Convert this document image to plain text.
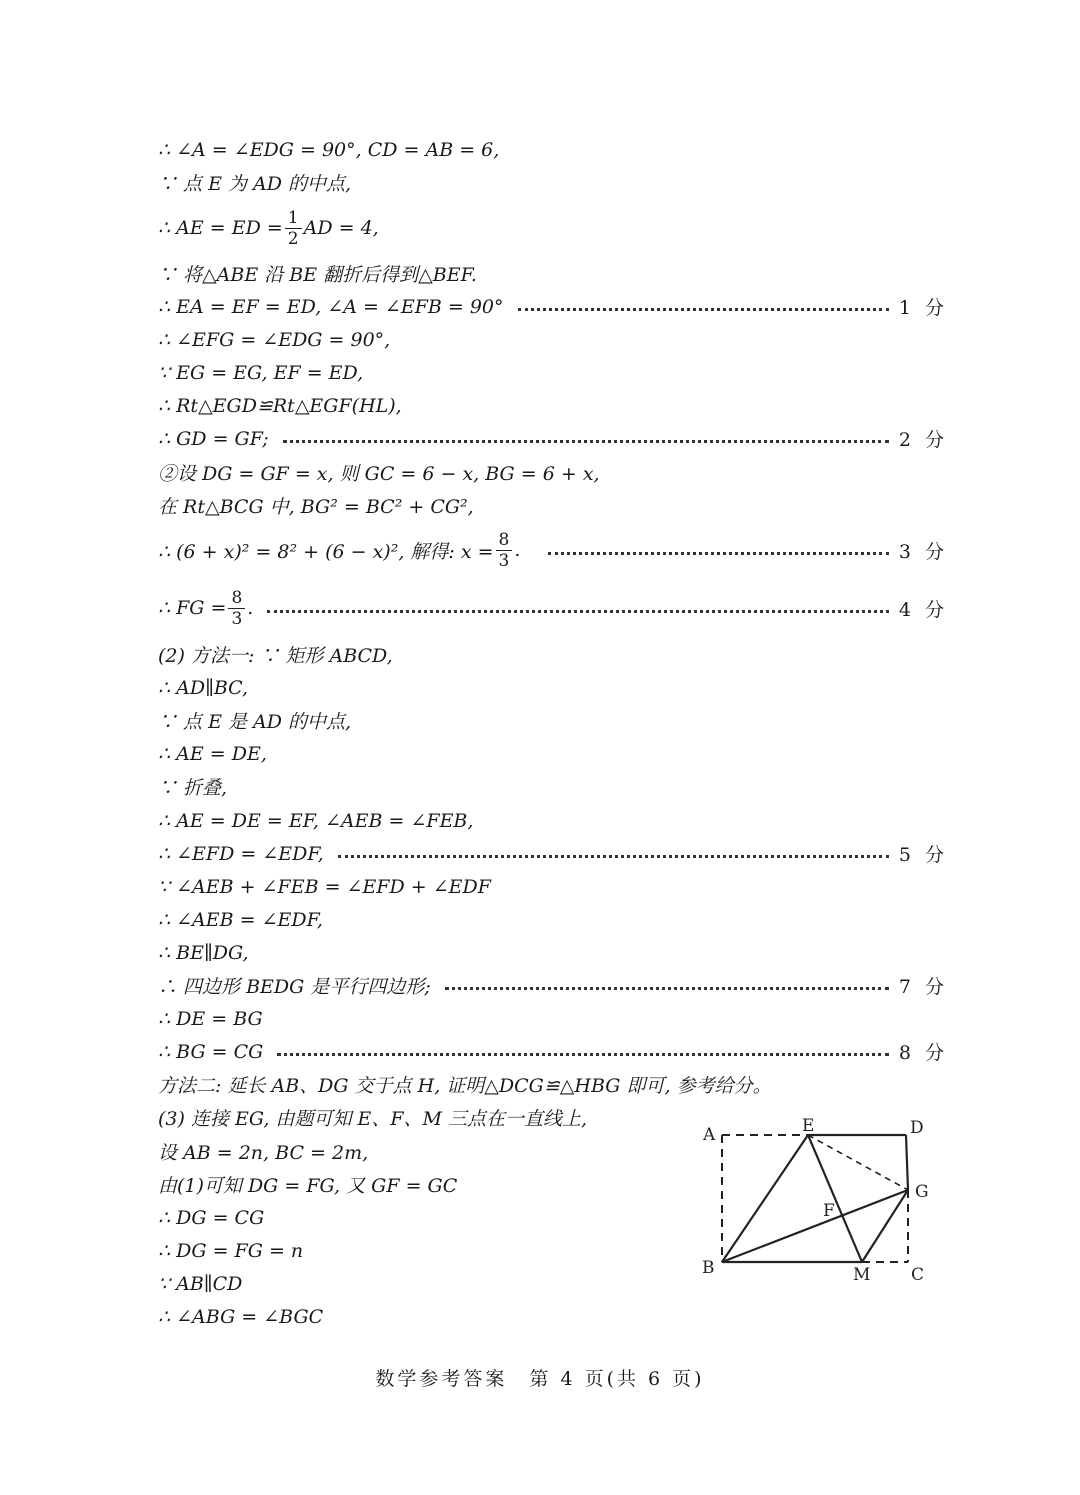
∴ ∠A = ∠EDG = 90°, CD = AB = 6,
∵ 点 E 为 AD 的中点,
∴ AE = ED = $\frac{1}{2}$ AD = 4,
∵ 将△ABE 沿 BE 翻折后得到△BEF.
∴ EA = EF = ED, ∠A = ∠EFB = 90°	1 分
∴ ∠EFG = ∠EDG = 90°,
∵ EG = EG, EF = ED,
∴ Rt△EGD≌Rt△EGF(HL),
∴ GD = GF;	2 分
②设 DG = GF = x, 则 GC = 6 − x, BG = 6 + x,
在 Rt△BCG 中, BG² = BC² + CG²,
∴ (6 + x)² = 8² + (6 − x)², 解得: $x = \frac{8}{3}$ .	3 分
∴ FG = $\frac{8}{3}$ .	4 分
(2) 方法一: ∵ 矩形 ABCD,
∴ AD∥BC,
∵ 点 E 是 AD 的中点,
∴ AE = DE,
∵ 折叠,
∴ AE = DE = EF, ∠AEB = ∠FEB,
∴ ∠EFD = ∠EDF,	5 分
∵ ∠AEB + ∠FEB = ∠EFD + ∠EDF
∴ ∠AEB = ∠EDF,
∴ BE∥DG,
∴ 四边形 BEDG 是平行四边形;	7 分
∴ DE = BG
∴ BG = CG	8 分
方法二: 延长 AB、DG 交于点 H, 证明△DCG≌△HBG 即可, 参考给分。
(3) 连接 EG, 由题可知 E、F、M 三点在一直线上,
设 AB = 2n, BC = 2m,
由(1)可知 DG = FG, 又 GF = GC
∴ DG = CG
∴ DG = FG = n
∵ AB∥CD
∴ ∠ABG = ∠BGC
A	E	D
G
F
B	M C
数学参考答案　第 4 页(共 6 页)
